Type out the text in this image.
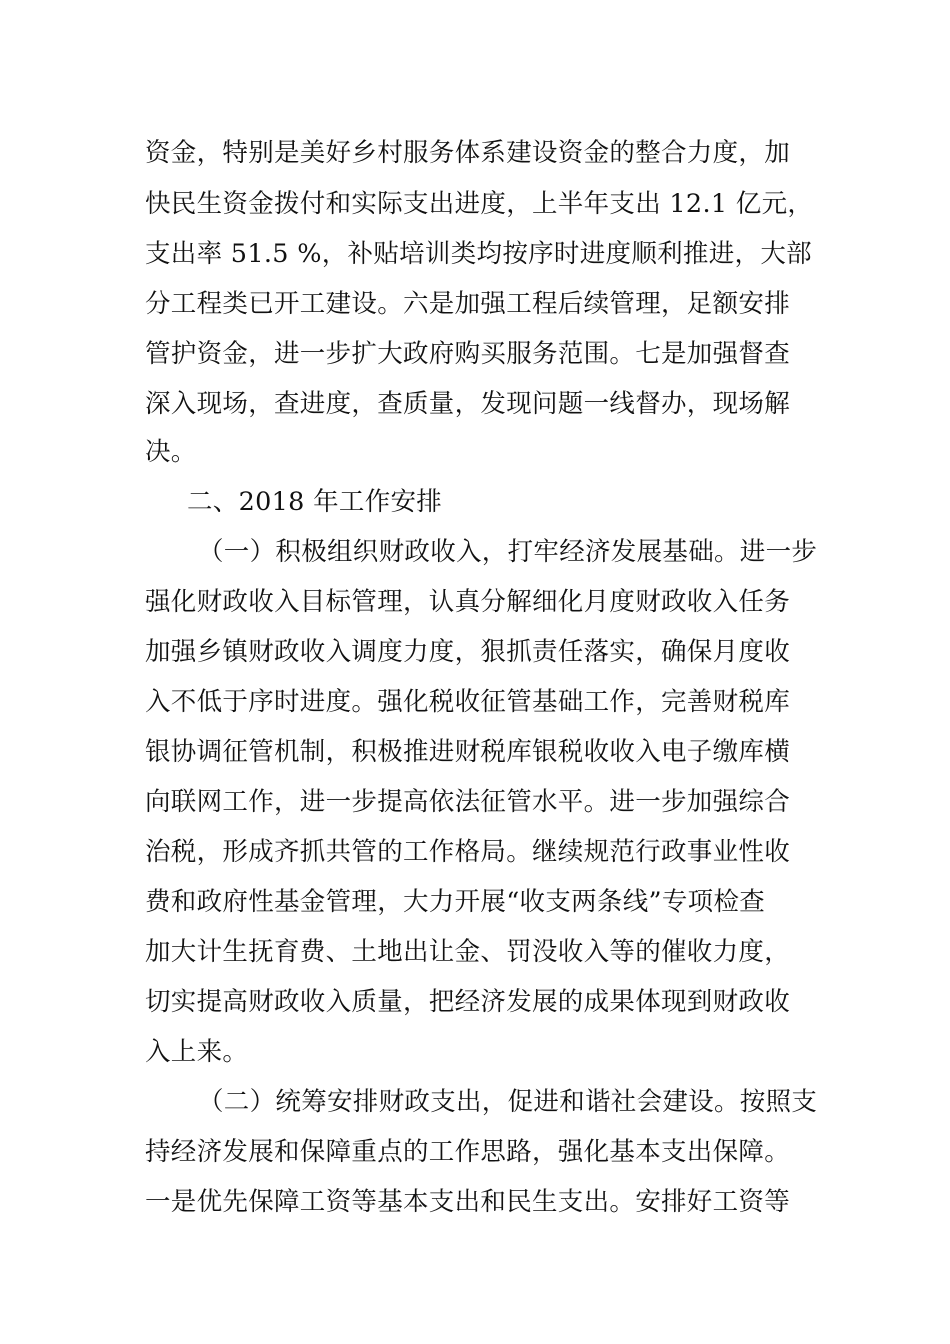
资金，特别是美好乡村服务体系建设资金的整合力度，加
快民生资金拨付和实际支出进度，上半年支出 12.1 亿元，
支出率 51.5 %，补贴培训类均按序时进度顺利推进，大部
分工程类已开工建设。六是加强工程后续管理，足额安排
管护资金，进一步扩大政府购买服务范围。七是加强督查
深入现场，查进度，查质量，发现问题一线督办，现场解
决。
二、2018 年工作安排
（一）积极组织财政收入，打牢经济发展基础。进一步
强化财政收入目标管理，认真分解细化月度财政收入任务
加强乡镇财政收入调度力度，狠抓责任落实，确保月度收
入不低于序时进度。强化税收征管基础工作，完善财税库
银协调征管机制，积极推进财税库银税收收入电子缴库横
向联网工作，进一步提高依法征管水平。进一步加强综合
治税，形成齐抓共管的工作格局。继续规范行政事业性收
费和政府性基金管理，大力开展“收支两条线”专项检查
加大计生抚育费、土地出让金、罚没收入等的催收力度，
切实提高财政收入质量，把经济发展的成果体现到财政收
入上来。
（二）统筹安排财政支出，促进和谐社会建设。按照支
持经济发展和保障重点的工作思路，强化基本支出保障。
一是优先保障工资等基本支出和民生支出。安排好工资等
